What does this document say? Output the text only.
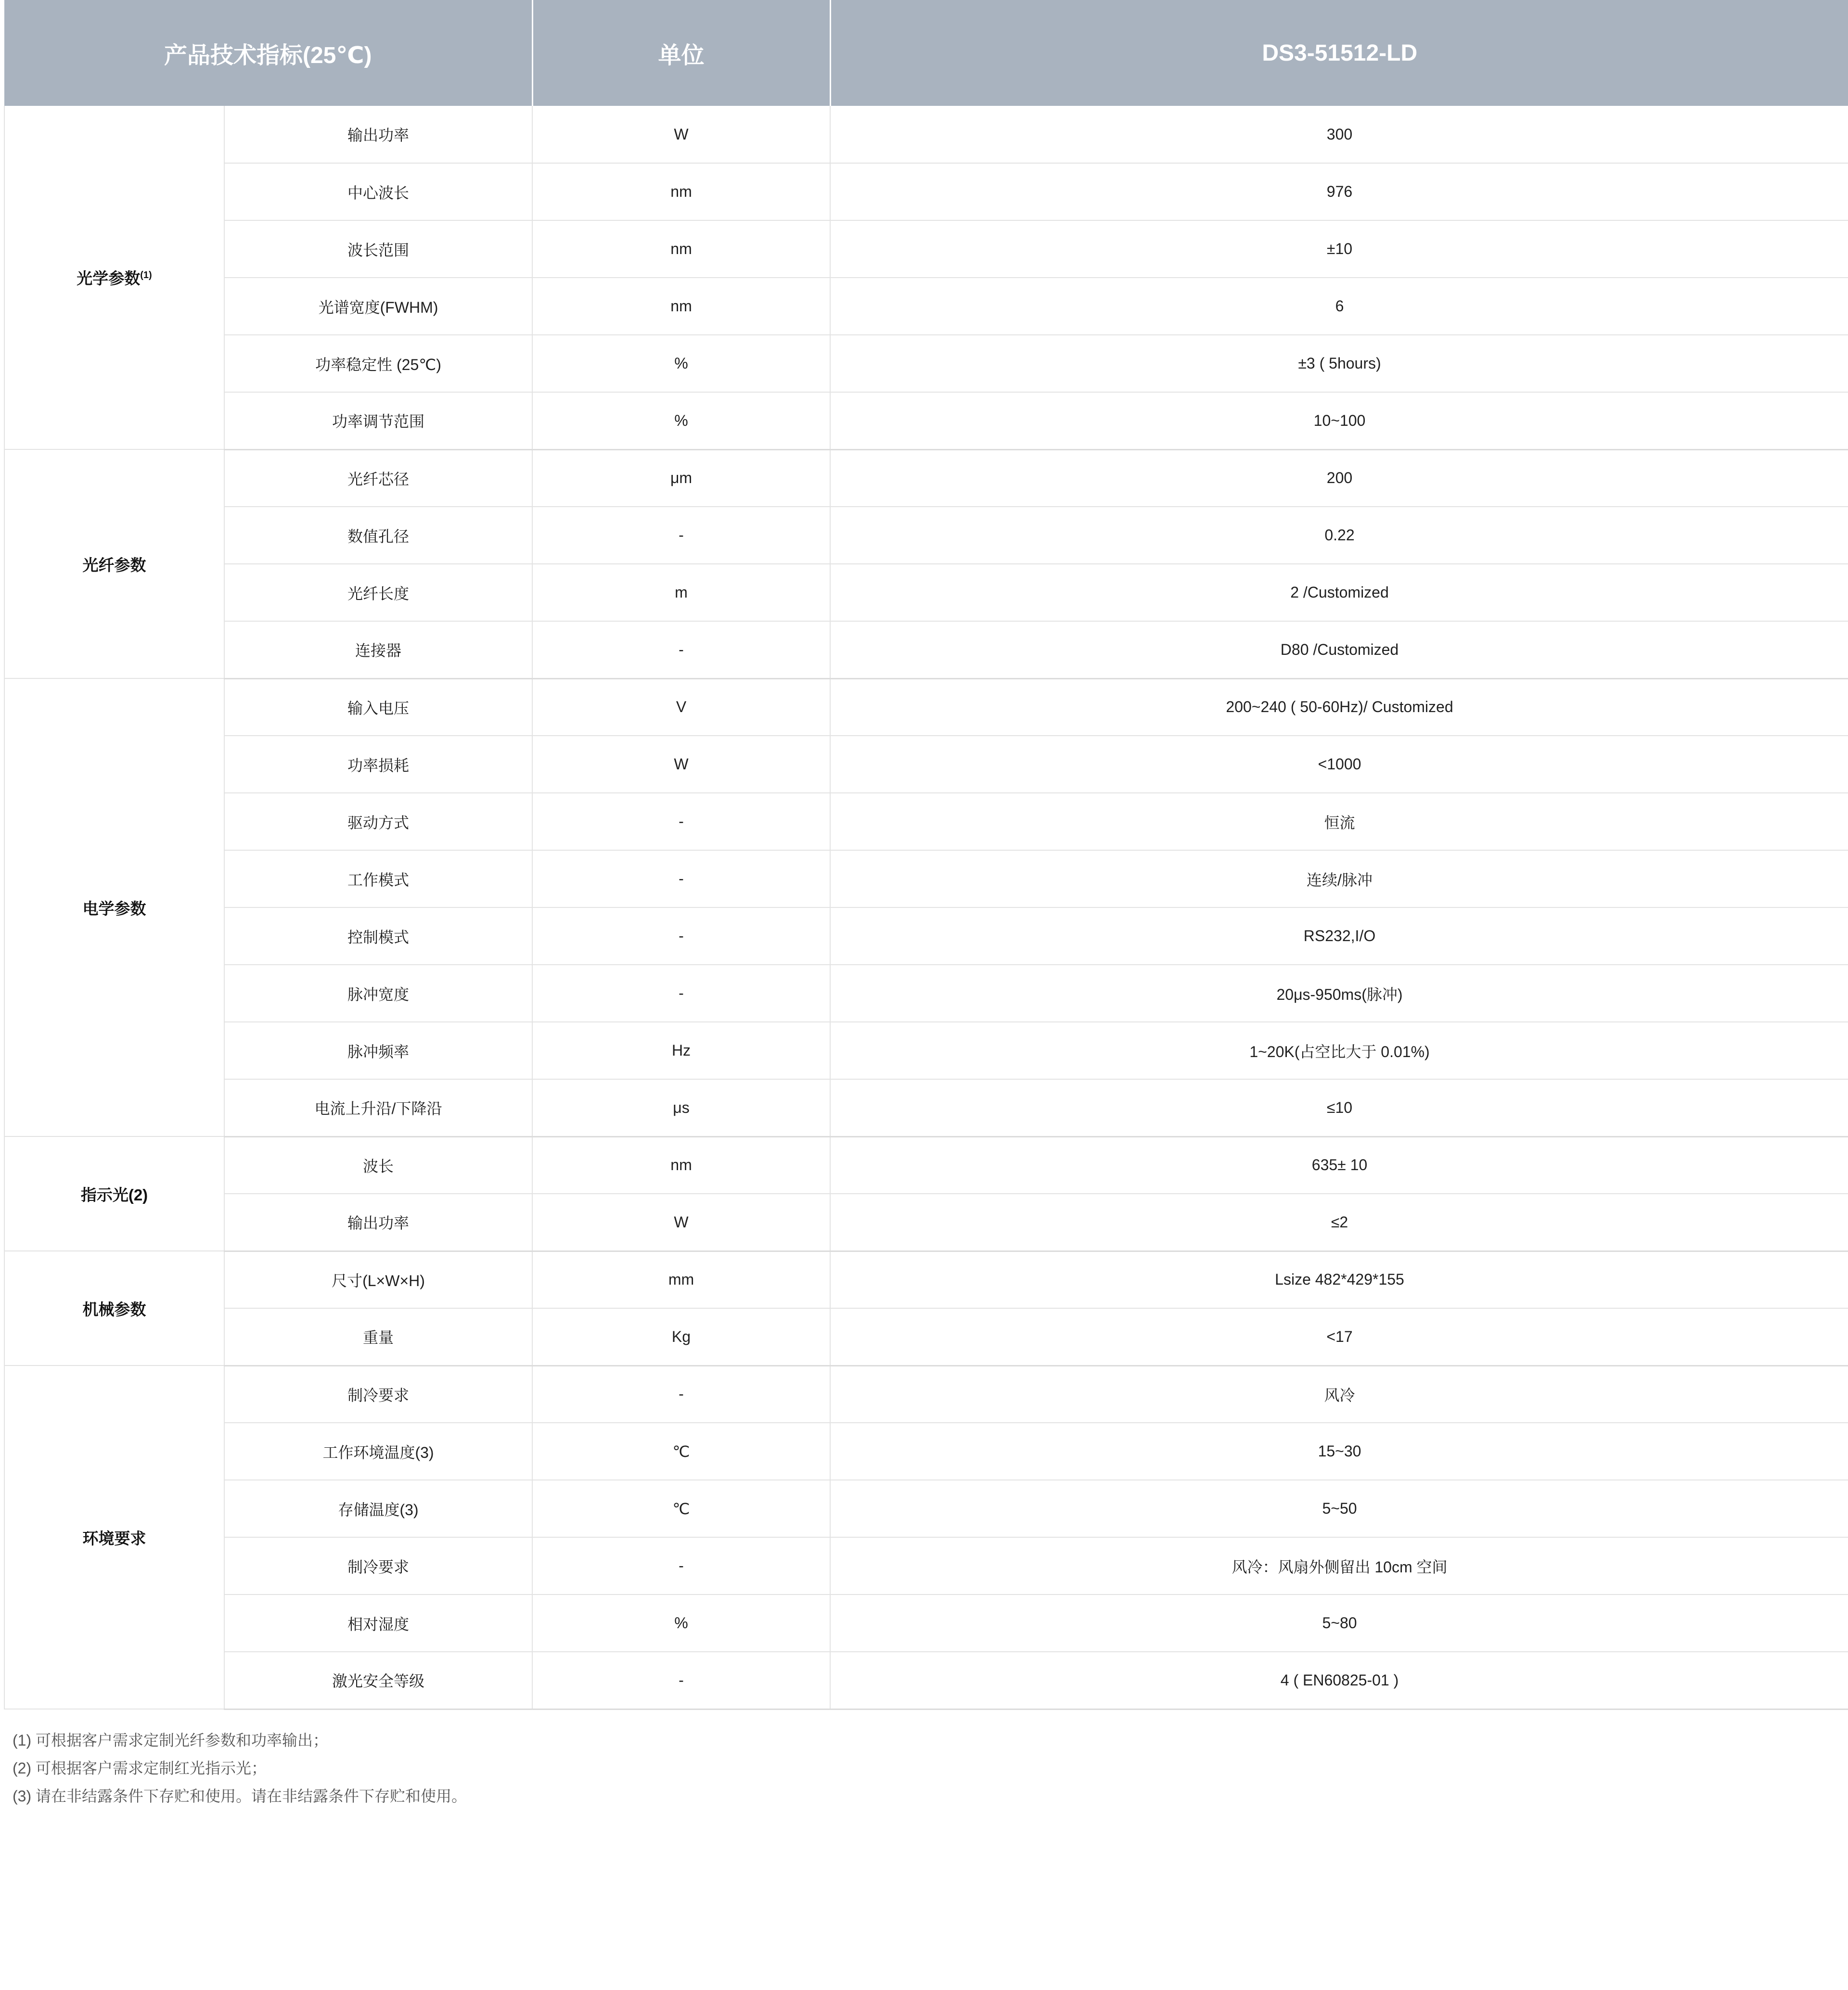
产品技术指标(25℃)		单位	DS3-51512-LD
光学参数$^{(1)}$	输出功率	W	300
	中心波长	nm	976
	波长范围	nm	±10
	光谱宽度(FWHM)	nm	6
	功率稳定性 (25℃)	%	±3 ( 5hours)
	功率调节范围	%	10~100
光纤参数	光纤芯径	μm	200
	数值孔径	-	0.22
	光纤长度	m	2 /Customized
	连接器	-	D80 /Customized
电学参数	输入电压	V	200~240 ( 50-60Hz)/ Customized
	功率损耗	W	<1000
	驱动方式	-	恒流
	工作模式	-	连续/脉冲
	控制模式	-	RS232,I/O
	脉冲宽度	-	20μs-950ms(脉冲)
	脉冲频率	Hz	1~20K(占空比大于 0.01%)
	电流上升沿/下降沿	μs	≤10
指示光(2)	波长	nm	635± 10
	输出功率	W	≤2
机械参数	尺寸(L×W×H)	mm	Lsize 482*429*155
	重量	Kg	<17
环境要求	制冷要求	-	风冷
	工作环境温度(3)	℃	15~30
	存储温度(3)	℃	5~50
	制冷要求	-	风冷：风扇外侧留出 10cm 空间
	相对湿度	%	5~80
	激光安全等级	-	4 ( EN60825-01 )
(1) 可根据客户需求定制光纤参数和功率输出；
(2) 可根据客户需求定制红光指示光；
(3) 请在非结露条件下存贮和使用。请在非结露条件下存贮和使用。
